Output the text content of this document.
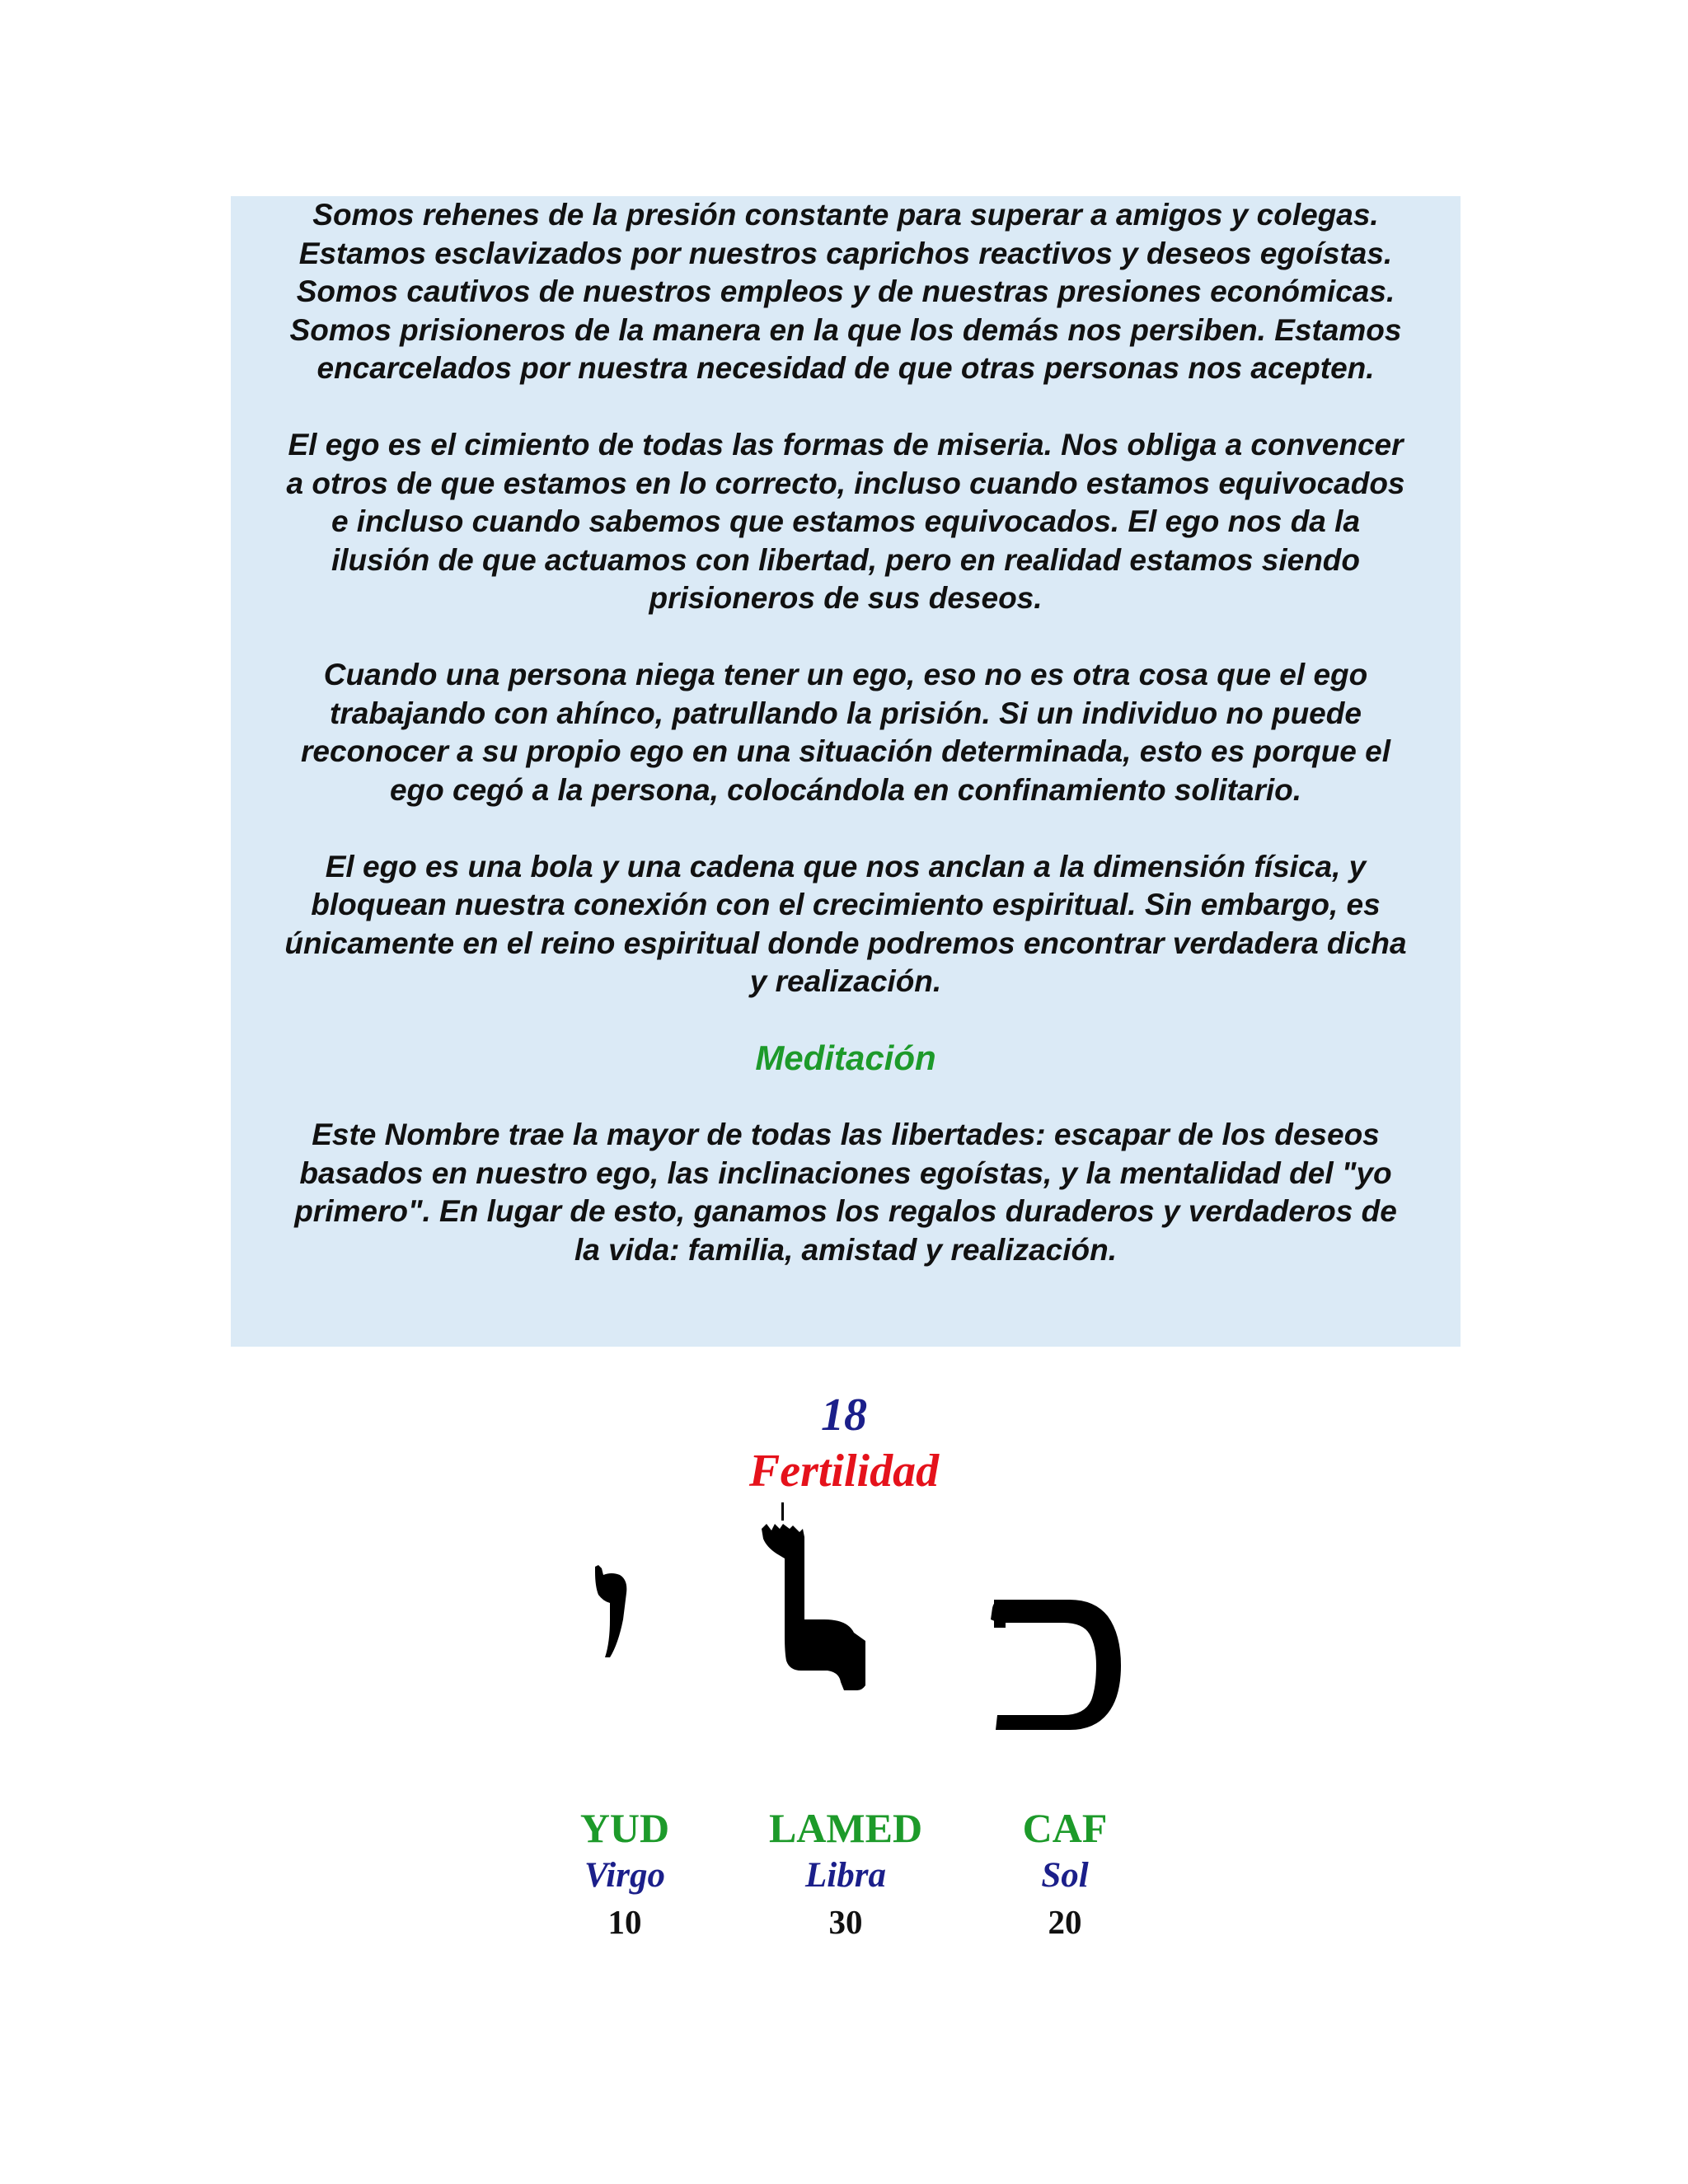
Somos rehenes de la presión constante para superar a amigos y colegas.
Estamos esclavizados por nuestros caprichos reactivos y deseos egoístas.
Somos cautivos de nuestros empleos y de nuestras presiones económicas.
Somos prisioneros de la manera en la que los demás nos persiben. Estamos
encarcelados por nuestra necesidad de que otras personas nos acepten.
El ego es el cimiento de todas las formas de miseria. Nos obliga a convencer
a otros de que estamos en lo correcto, incluso cuando estamos equivocados
e incluso cuando sabemos que estamos equivocados. El ego nos da la
ilusión de que actuamos con libertad, pero en realidad estamos siendo
prisioneros de sus deseos.
Cuando una persona niega tener un ego, eso no es otra cosa que el ego
trabajando con ahínco, patrullando la prisión. Si un individuo no puede
reconocer a su propio ego en una situación determinada, esto es porque el
ego cegó a la persona, colocándola en confinamiento solitario.
El ego es una bola y una cadena que nos anclan a la dimensión física, y
bloquean nuestra conexión con el crecimiento espiritual. Sin embargo, es
únicamente en el reino espiritual donde podremos encontrar verdadera dicha
y realización.
Meditación
Este Nombre trae la mayor de todas las libertades: escapar de los deseos
basados en nuestro ego, las inclinaciones egoístas, y la mentalidad del "yo
primero". En lugar de esto, ganamos los regalos duraderos y verdaderos de
la vida: familia, amistad y realización.
18
Fertilidad
YUD
Virgo
10
LAMED
Libra
30
CAF
Sol
20
